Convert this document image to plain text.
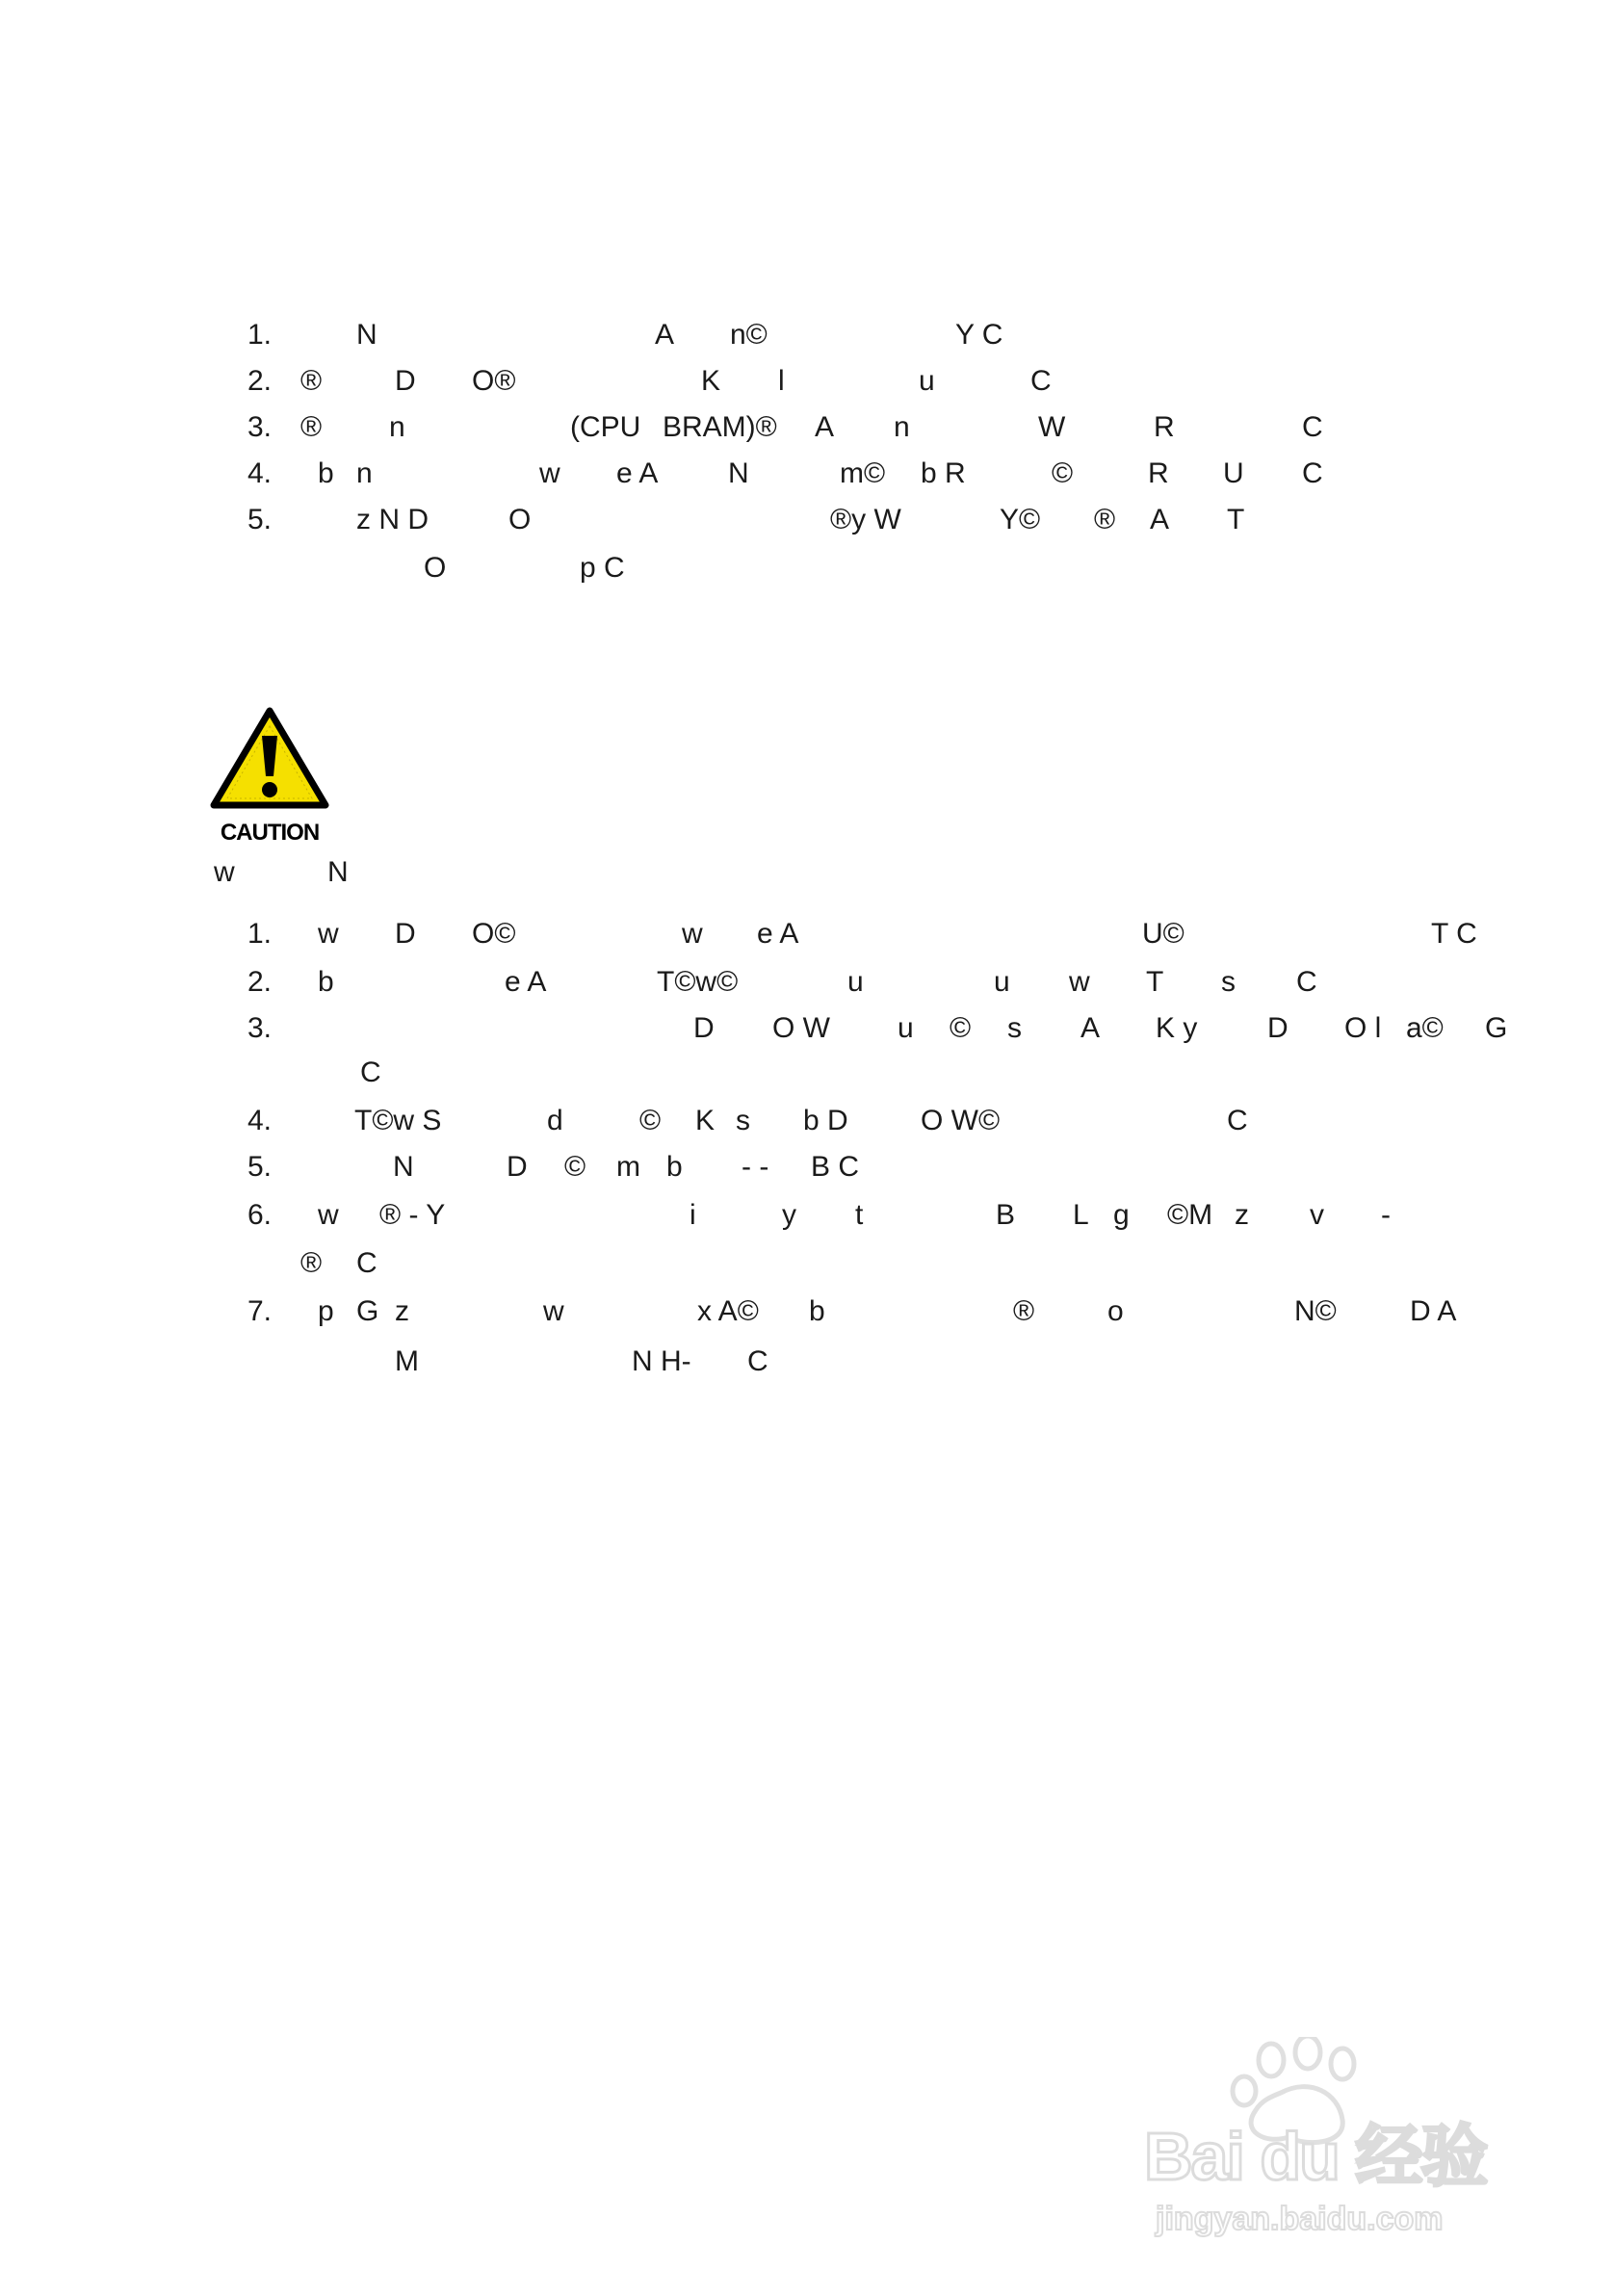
1.	N	A n©	Y C
2. ®	D O®	K l	u	C
3. ® n	(CPU BRAM)® A n	W	R	C
4. b n	w e A N	m© b R	©	R U C
5.	z N D	O	®y W	Y© ® A T
O	p C
CAUTION
w	N
1. w D O©	w e A	U©	T C
2. b	e A	T©w©	u	u w T s C
3.	D O W u © s A K y D O l a© G
C
4.	T©w S	d	© K s b D	O W©	C
5.	N	D © m b - - B C
6. w ® - Y	i	y t	B L g ©M z v -
® C
7. p G z	w	x A© b	®	o	N©	D A
M	N H- C
Bai du 经验
jingyan.baidu.com
